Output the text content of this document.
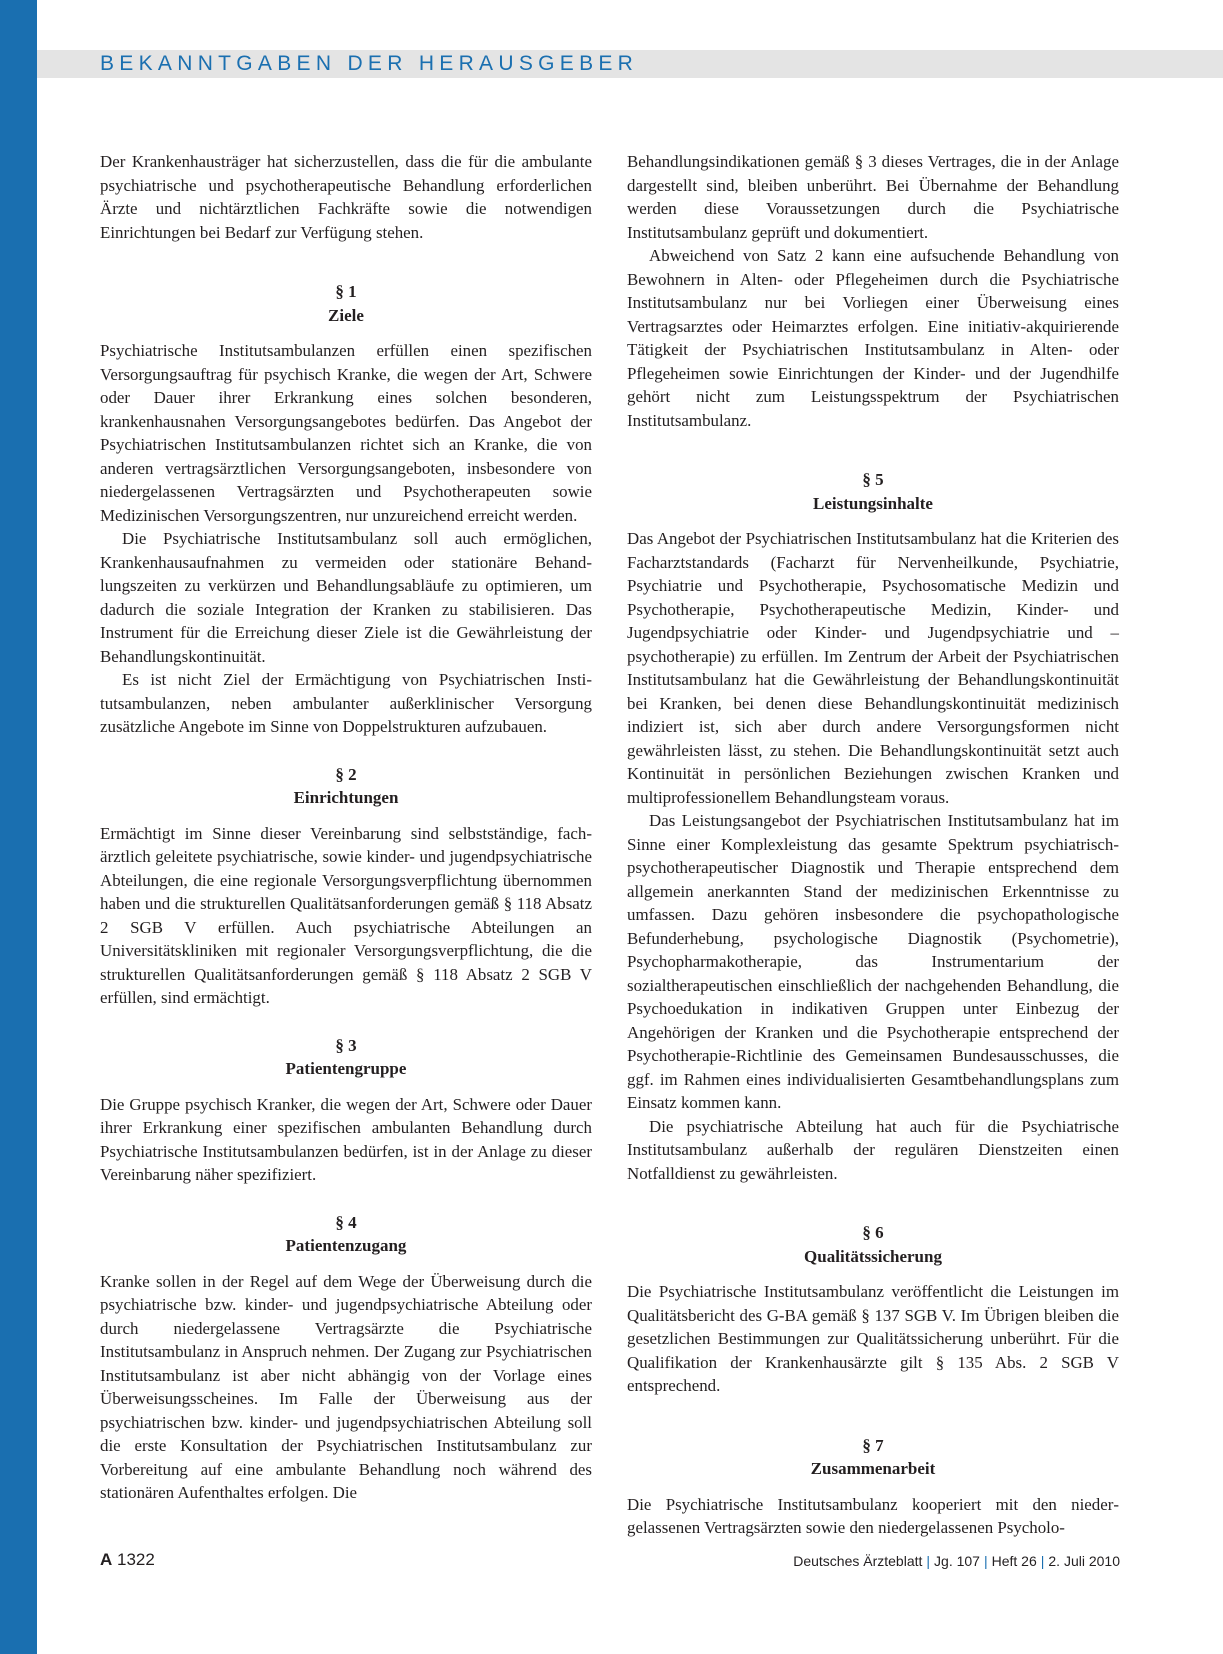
BEKANNTGABEN DER HERAUSGEBER

Der Krankenhausträger hat sicherzustellen, dass die für die ambulante psychiatrische und psychotherapeutische Behandlung erforderlichen Ärzte und nichtärztlichen Fachkräfte sowie die notwendigen Einrichtungen bei Bedarf zur Verfügung stehen.

§ 1
Ziele

Psychiatrische Institutsambulanzen erfüllen einen spezifischen Versorgungsauftrag für psychisch Kranke, die wegen der Art, Schwere oder Dauer ihrer Erkrankung eines solchen besonderen, krankenhausnahen Versorgungsangebotes bedürfen. Das Angebot der Psychiatrischen Institutsambulanzen richtet sich an Kranke, die von anderen vertragsärztlichen Versorgungsangeboten, insbesondere von niedergelassenen Vertragsärzten und Psychotherapeuten sowie Medizinischen Versorgungszentren, nur unzureichend erreicht werden.

Die Psychiatrische Institutsambulanz soll auch ermöglichen, Krankenhausaufnahmen zu vermeiden oder stationäre Behandlungszeiten zu verkürzen und Behandlungsabläufe zu optimieren, um dadurch die soziale Integration der Kranken zu stabilisieren. Das Instrument für die Erreichung dieser Ziele ist die Gewährleistung der Behandlungskontinuität.

Es ist nicht Ziel der Ermächtigung von Psychiatrischen Institutsambulanzen, neben ambulanter außerklinischer Versorgung zusätzliche Angebote im Sinne von Doppelstrukturen aufzubauen.

§ 2
Einrichtungen

Ermächtigt im Sinne dieser Vereinbarung sind selbstständige, fachärztlich geleitete psychiatrische, sowie kinder- und jugendpsychiatrische Abteilungen, die eine regionale Versorgungsverpflichtung übernommen haben und die strukturellen Qualitätsanforderungen gemäß § 118 Absatz 2 SGB V erfüllen. Auch psychiatrische Abteilungen an Universitätskliniken mit regionaler Versorgungsverpflichtung, die die strukturellen Qualitätsanforderungen gemäß § 118 Absatz 2 SGB V erfüllen, sind ermächtigt.

§ 3
Patientengruppe

Die Gruppe psychisch Kranker, die wegen der Art, Schwere oder Dauer ihrer Erkrankung einer spezifischen ambulanten Behandlung durch Psychiatrische Institutsambulanzen bedürfen, ist in der Anlage zu dieser Vereinbarung näher spezifiziert.

§ 4
Patientenzugang

Kranke sollen in der Regel auf dem Wege der Überweisung durch die psychiatrische bzw. kinder- und jugendpsychiatrische Abteilung oder durch niedergelassene Vertragsärzte die Psychiatrische Institutsambulanz in Anspruch nehmen. Der Zugang zur Psychiatrischen Institutsambulanz ist aber nicht abhängig von der Vorlage eines Überweisungsscheines. Im Falle der Überweisung aus der psychiatrischen bzw. kinder- und jugendpsychiatrischen Abteilung soll die erste Konsultation der Psychiatrischen Institutsambulanz zur Vorbereitung auf eine ambulante Behandlung noch während des stationären Aufenthaltes erfolgen. Die

Behandlungsindikationen gemäß § 3 dieses Vertrages, die in der Anlage dargestellt sind, bleiben unberührt. Bei Übernahme der Behandlung werden diese Voraussetzungen durch die Psychiatrische Institutsambulanz geprüft und dokumentiert.

Abweichend von Satz 2 kann eine aufsuchende Behandlung von Bewohnern in Alten- oder Pflegeheimen durch die Psychiatrische Institutsambulanz nur bei Vorliegen einer Überweisung eines Vertragsarztes oder Heimarztes erfolgen. Eine initiativ-akquirierende Tätigkeit der Psychiatrischen Institutsambulanz in Alten- oder Pflegeheimen sowie Einrichtungen der Kinder- und der Jugendhilfe gehört nicht zum Leistungsspektrum der Psychiatrischen Institutsambulanz.

§ 5
Leistungsinhalte

Das Angebot der Psychiatrischen Institutsambulanz hat die Kriterien des Facharztstandards (Facharzt für Nervenheilkunde, Psychiatrie, Psychiatrie und Psychotherapie, Psychosomatische Medizin und Psychotherapie, Psychotherapeutische Medizin, Kinder- und Jugendpsychiatrie oder Kinder- und Jugendpsychiatrie und –psychotherapie) zu erfüllen. Im Zentrum der Arbeit der Psychiatrischen Institutsambulanz hat die Gewährleistung der Behandlungskontinuität bei Kranken, bei denen diese Behandlungskontinuität medizinisch indiziert ist, sich aber durch andere Versorgungsformen nicht gewährleisten lässt, zu stehen. Die Behandlungskontinuität setzt auch Kontinuität in persönlichen Beziehungen zwischen Kranken und multiprofessionellem Behandlungsteam voraus.

Das Leistungsangebot der Psychiatrischen Institutsambulanz hat im Sinne einer Komplexleistung das gesamte Spektrum psychiatrisch-psychotherapeutischer Diagnostik und Therapie entsprechend dem allgemein anerkannten Stand der medizinischen Erkenntnisse zu umfassen. Dazu gehören insbesondere die psychopathologische Befunderhebung, psychologische Diagnostik (Psychometrie), Psychopharmakotherapie, das Instrumentarium der sozialtherapeutischen einschließlich der nachgehenden Behandlung, die Psychoedukation in indikativen Gruppen unter Einbezug der Angehörigen der Kranken und die Psychotherapie entsprechend der Psychotherapie-Richtlinie des Gemeinsamen Bundesausschusses, die ggf. im Rahmen eines individualisierten Gesamtbehandlungsplans zum Einsatz kommen kann.

Die psychiatrische Abteilung hat auch für die Psychiatrische Institutsambulanz außerhalb der regulären Dienstzeiten einen Notfalldienst zu gewährleisten.

§ 6
Qualitätssicherung

Die Psychiatrische Institutsambulanz veröffentlicht die Leistungen im Qualitätsbericht des G-BA gemäß § 137 SGB V. Im Übrigen bleiben die gesetzlichen Bestimmungen zur Qualitätssicherung unberührt. Für die Qualifikation der Krankenhausärzte gilt § 135 Abs. 2 SGB V entsprechend.

§ 7
Zusammenarbeit

Die Psychiatrische Institutsambulanz kooperiert mit den niedergelassenen Vertragsärzten sowie den niedergelassenen Psycholo-

A 1322	Deutsches Ärzteblatt | Jg. 107 | Heft 26 | 2. Juli 2010
